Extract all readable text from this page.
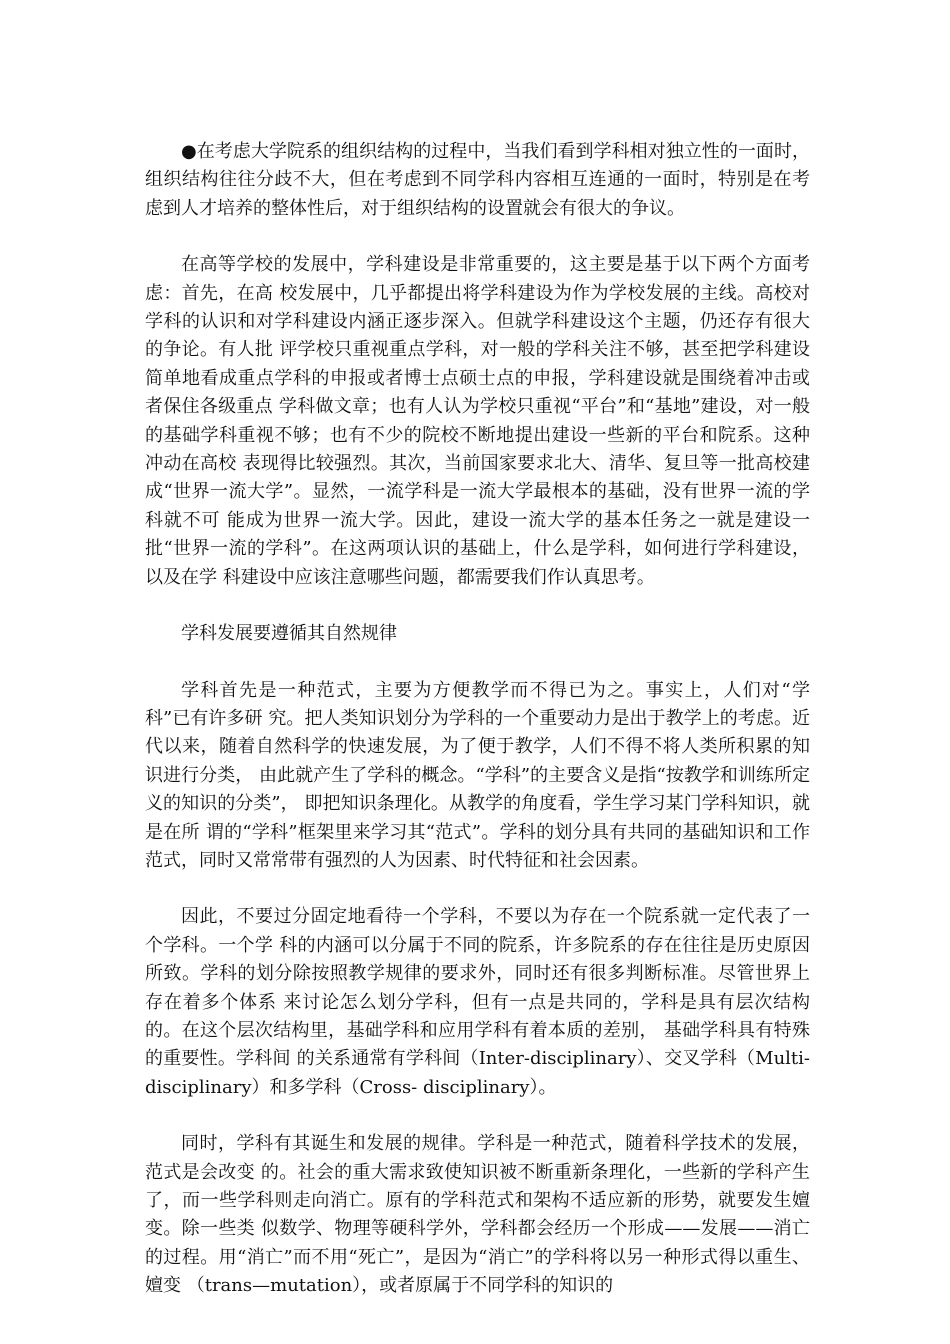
●在考虑大学院系的组织结构的过程中，当我们看到学科相对独立性的一面时，组织结构往往分歧不大，但在考虑到不同学科内容相互连通的一面时，特别是在考虑到人才培养的整体性后，对于组织结构的设置就会有很大的争议。

在高等学校的发展中，学科建设是非常重要的，这主要是基于以下两个方面考虑：首先，在高 校发展中，几乎都提出将学科建设为作为学校发展的主线。高校对学科的认识和对学科建设内涵正逐步深入。但就学科建设这个主题，仍还存有很大的争论。有人批 评学校只重视重点学科，对一般的学科关注不够，甚至把学科建设简单地看成重点学科的申报或者博士点硕士点的申报，学科建设就是围绕着冲击或者保住各级重点 学科做文章；也有人认为学校只重视“平台”和“基地”建设，对一般的基础学科重视不够；也有不少的院校不断地提出建设一些新的平台和院系。这种冲动在高校 表现得比较强烈。其次，当前国家要求北大、清华、复旦等一批高校建成“世界一流大学”。显然，一流学科是一流大学最根本的基础，没有世界一流的学科就不可 能成为世界一流大学。因此，建设一流大学的基本任务之一就是建设一批“世界一流的学科”。在这两项认识的基础上，什么是学科，如何进行学科建设，以及在学 科建设中应该注意哪些问题，都需要我们作认真思考。

学科发展要遵循其自然规律

学科首先是一种范式，主要为方便教学而不得已为之。事实上，人们对“学科”已有许多研 究。把人类知识划分为学科的一个重要动力是出于教学上的考虑。近代以来，随着自然科学的快速发展，为了便于教学，人们不得不将人类所积累的知识进行分类， 由此就产生了学科的概念。“学科”的主要含义是指“按教学和训练所定义的知识的分类”， 即把知识条理化。从教学的角度看，学生学习某门学科知识，就是在所 谓的“学科”框架里来学习其“范式”。学科的划分具有共同的基础知识和工作范式，同时又常常带有强烈的人为因素、时代特征和社会因素。

因此，不要过分固定地看待一个学科，不要以为存在一个院系就一定代表了一个学科。一个学 科的内涵可以分属于不同的院系，许多院系的存在往往是历史原因所致。学科的划分除按照教学规律的要求外，同时还有很多判断标准。尽管世界上存在着多个体系 来讨论怎么划分学科，但有一点是共同的，学科是具有层次结构的。在这个层次结构里，基础学科和应用学科有着本质的差别， 基础学科具有特殊的重要性。学科间 的关系通常有学科间（Inter-disciplinary）、交叉学科（Multi-disciplinary）和多学科（Cross- disciplinary）。

同时，学科有其诞生和发展的规律。学科是一种范式，随着科学技术的发展，范式是会改变 的。社会的重大需求致使知识被不断重新条理化，一些新的学科产生了，而一些学科则走向消亡。原有的学科范式和架构不适应新的形势，就要发生嬗变。除一些类 似数学、物理等硬科学外，学科都会经历一个形成——发展——消亡的过程。用“消亡”而不用“死亡”，是因为“消亡”的学科将以另一种形式得以重生、嬗变 （trans—mutation），或者原属于不同学科的知识的
